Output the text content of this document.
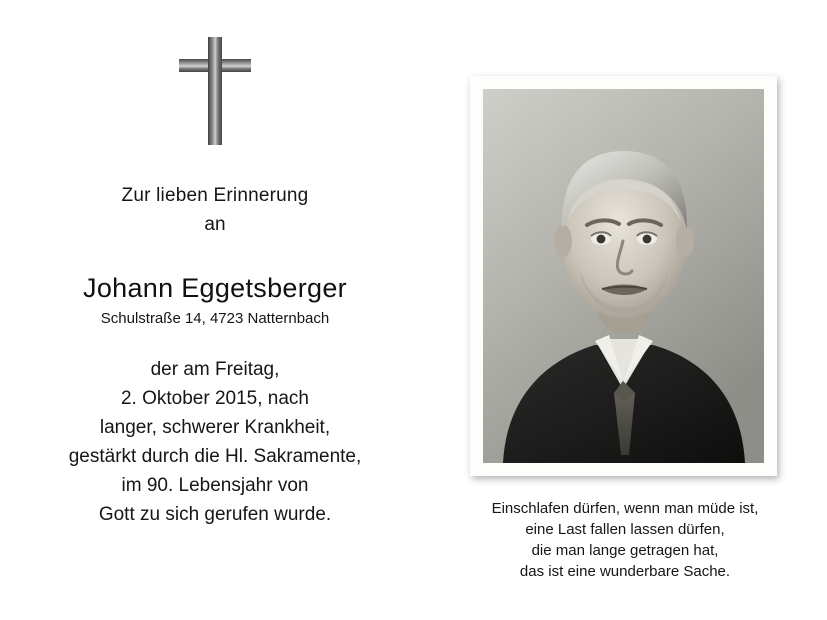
Zur lieben Erinnerung
an
Johann Eggetsberger
Schulstraße 14, 4723 Natternbach
der am Freitag,
2. Oktober 2015, nach
langer, schwerer Krankheit,
gestärkt durch die Hl. Sakramente,
im 90. Lebensjahr von
Gott zu sich gerufen wurde.	Einschlafen dürfen, wenn man müde ist,
eine Last fallen lassen dürfen,
die man lange getragen hat,
das ist eine wunderbare Sache.
